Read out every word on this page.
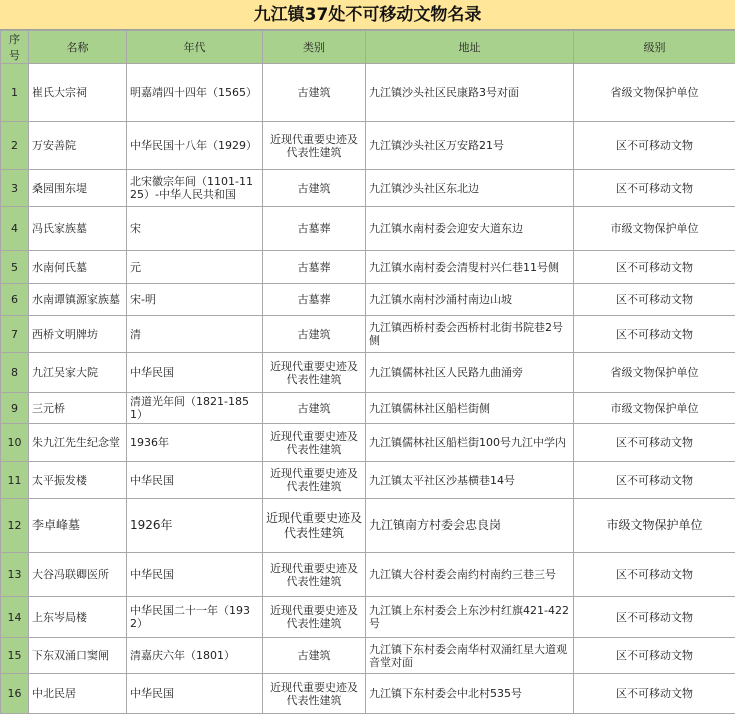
九江镇37处不可移动文物名录
序号	名称	年代	类别	地址	级别
1	崔氏大宗祠	明嘉靖四十四年（1565）	古建筑	九江镇沙头社区民康路3号对面	省级文物保护单位
2	万安善院	中华民国十八年（1929）	近现代重要史迹及代表性建筑	九江镇沙头社区万安路21号	区不可移动文物
3	桑园围东堤	北宋徽宗年间（1101-1125）-中华人民共和国	古建筑	九江镇沙头社区东北边	区不可移动文物
4	冯氏家族墓	宋	古墓葬	九江镇水南村委会迎安大道东边	市级文物保护单位
5	水南何氏墓	元	古墓葬	九江镇水南村委会清叟村兴仁巷11号侧	区不可移动文物
6	水南谭镇源家族墓	宋-明	古墓葬	九江镇水南村沙涌村南边山坡	区不可移动文物
7	西桥文明牌坊	清	古建筑	九江镇西桥村委会西桥村北街书院巷2号侧	区不可移动文物
8	九江吴家大院	中华民国	近现代重要史迹及代表性建筑	九江镇儒林社区人民路九曲涌旁	省级文物保护单位
9	三元桥	清道光年间（1821-1851）	古建筑	九江镇儒林社区船栏街侧	市级文物保护单位
10	朱九江先生纪念堂	1936年	近现代重要史迹及代表性建筑	九江镇儒林社区船栏街100号九江中学内	区不可移动文物
11	太平振发楼	中华民国	近现代重要史迹及代表性建筑	九江镇太平社区沙基横巷14号	区不可移动文物
12	李卓峰墓	1926年	近现代重要史迹及代表性建筑	九江镇南方村委会忠良岗	市级文物保护单位
13	大谷冯联卿医所	中华民国	近现代重要史迹及代表性建筑	九江镇大谷村委会南约村南约三巷三号	区不可移动文物
14	上东岑局楼	中华民国二十一年（1932）	近现代重要史迹及代表性建筑	九江镇上东村委会上东沙村红旗421-422号	区不可移动文物
15	下东双涌口窦闸	清嘉庆六年（1801）	古建筑	九江镇下东村委会南华村双涌红星大道观音堂对面	区不可移动文物
16	中北民居	中华民国	近现代重要史迹及代表性建筑	九江镇下东村委会中北村535号	区不可移动文物
